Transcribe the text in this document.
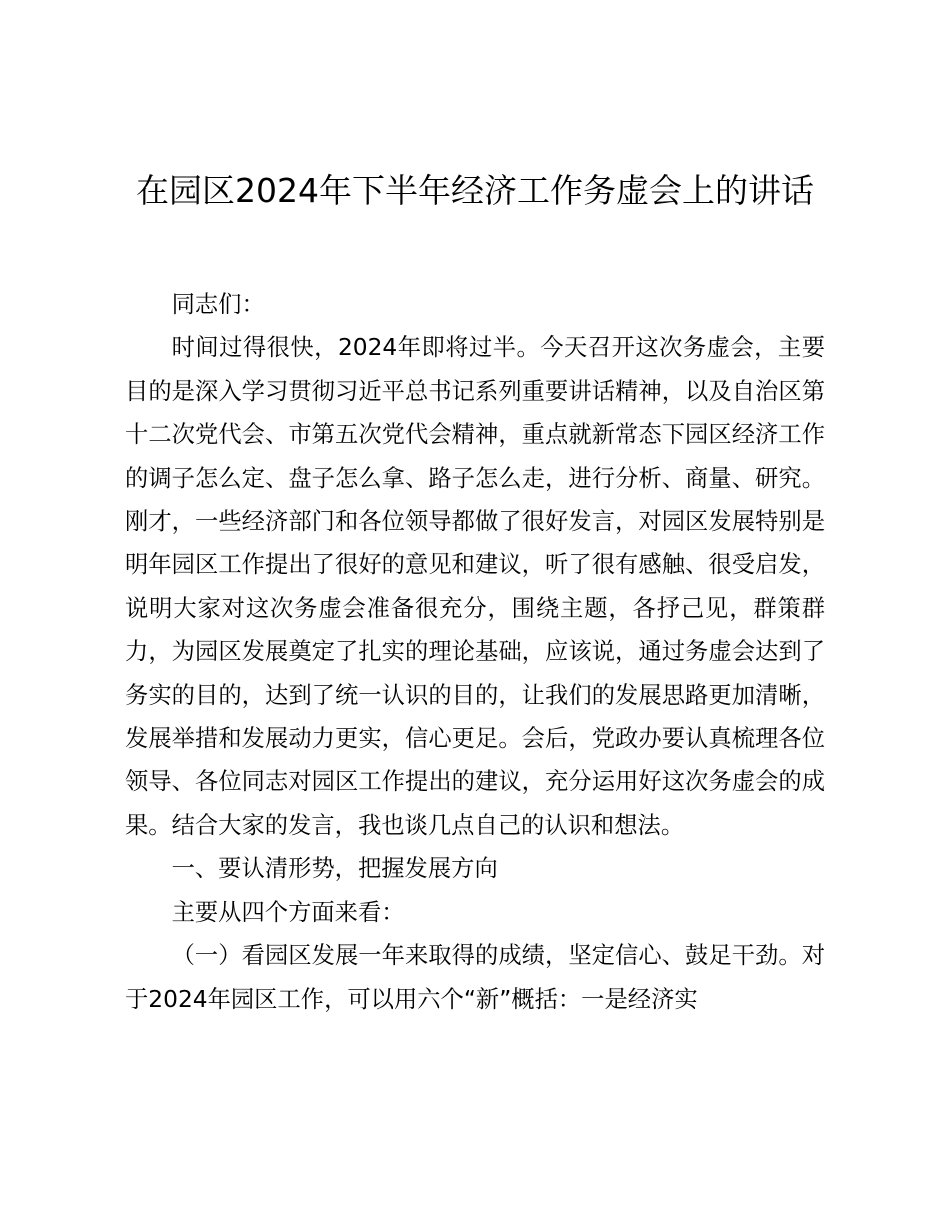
在园区2024年下半年经济工作务虚会上的讲话

同志们：

时间过得很快，2024年即将过半。今天召开这次务虚会，主要目的是深入学习贯彻习近平总书记系列重要讲话精神，以及自治区第十二次党代会、市第五次党代会精神，重点就新常态下园区经济工作的调子怎么定、盘子怎么拿、路子怎么走，进行分析、商量、研究。刚才，一些经济部门和各位领导都做了很好发言，对园区发展特别是明年园区工作提出了很好的意见和建议，听了很有感触、很受启发，说明大家对这次务虚会准备很充分，围绕主题，各抒己见，群策群力，为园区发展奠定了扎实的理论基础，应该说，通过务虚会达到了务实的目的，达到了统一认识的目的，让我们的发展思路更加清晰，发展举措和发展动力更实，信心更足。会后，党政办要认真梳理各位领导、各位同志对园区工作提出的建议，充分运用好这次务虚会的成果。结合大家的发言，我也谈几点自己的认识和想法。

一、要认清形势，把握发展方向

主要从四个方面来看：

（一）看园区发展一年来取得的成绩，坚定信心、鼓足干劲。对于2024年园区工作，可以用六个“新”概括：一是经济实
